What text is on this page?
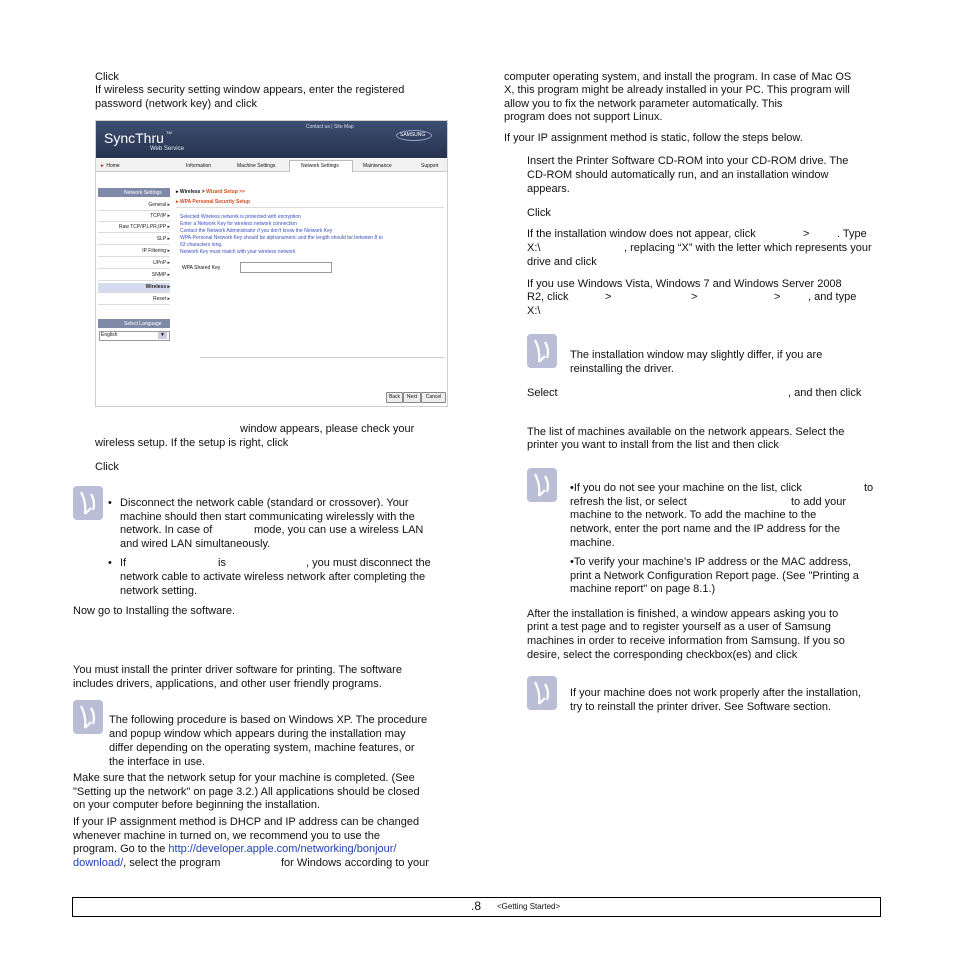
Click
If wireless security setting window appears, enter the registered
password (network key) and click
SyncThru TM
Web Service
Contact us | Site Map
SAMSUNG
► Home	Information	Machine Settings	Network Settings	Maintenance	Support
Network Settings
General ▸
TCP/IP ▸
Raw TCP/IP,LPR,IPP ▸
SLP ▸
IP Filtering ▸
UPnP ▸
SNMP ▸
Wireless ▸
Reset ▸
Select Language
English	▼
▸ Wireless > Wizard Setup >>
▸ WPA Personal Security Setup
Selected Wireless network is protected with encryption
Enter a Network Key for wireless network connection
Contact the Network Administrator if you don't know the Network Key
WPA-Personal Network Key should be alphanumeric and the length should be between 8 to
63 characters long.
Network Key must match with your wireless network
WPA Shared Key
Back	Next	Cancel
window appears, please check your
wireless setup. If the setup is right, click
Click
• Disconnect the network cable (standard or crossover). Your
machine should then start communicating wirelessly with the
network. In case of	mode, you can use a wireless LAN
and wired LAN simultaneously.
• If	is	, you must disconnect the
network cable to activate wireless network after completing the
network setting.
Now go to Installing the software.
You must install the printer driver software for printing. The software
includes drivers, applications, and other user friendly programs.
The following procedure is based on Windows XP. The procedure
and popup window which appears during the installation may
differ depending on the operating system, machine features, or
the interface in use.
Make sure that the network setup for your machine is completed. (See
"Setting up the network" on page 3.2.) All applications should be closed
on your computer before beginning the installation.
If your IP assignment method is DHCP and IP address can be changed
whenever machine in turned on, we recommend you to use the
program. Go to the http://developer.apple.com/networking/bonjour/
download/, select the program	for Windows according to your
computer operating system, and install the program. In case of Mac OS
X, this program might be already installed in your PC. This program will
allow you to fix the network parameter automatically. This
program does not support Linux.
If your IP assignment method is static, follow the steps below.
Insert the Printer Software CD-ROM into your CD-ROM drive. The
CD-ROM should automatically run, and an installation window
appears.
Click
If the installation window does not appear, click	>	. Type
X:\	, replacing “X” with the letter which represents your
drive and click
If you use Windows Vista, Windows 7 and Windows Server 2008
R2, click	>	>	>	, and type
X:\
The installation window may slightly differ, if you are
reinstalling the driver.
Select	, and then click
The list of machines available on the network appears. Select the
printer you want to install from the list and then click
•If you do not see your machine on the list, click	to
refresh the list, or select	to add your
machine to the network. To add the machine to the
network, enter the port name and the IP address for the
machine.
•To verify your machine’s IP address or the MAC address,
print a Network Configuration Report page. (See "Printing a
machine report" on page 8.1.)
After the installation is finished, a window appears asking you to
print a test page and to register yourself as a user of Samsung
machines in order to receive information from Samsung. If you so
desire, select the corresponding checkbox(es) and click
If your machine does not work properly after the installation,
try to reinstall the printer driver. See Software section.
.8 <Getting Started>
